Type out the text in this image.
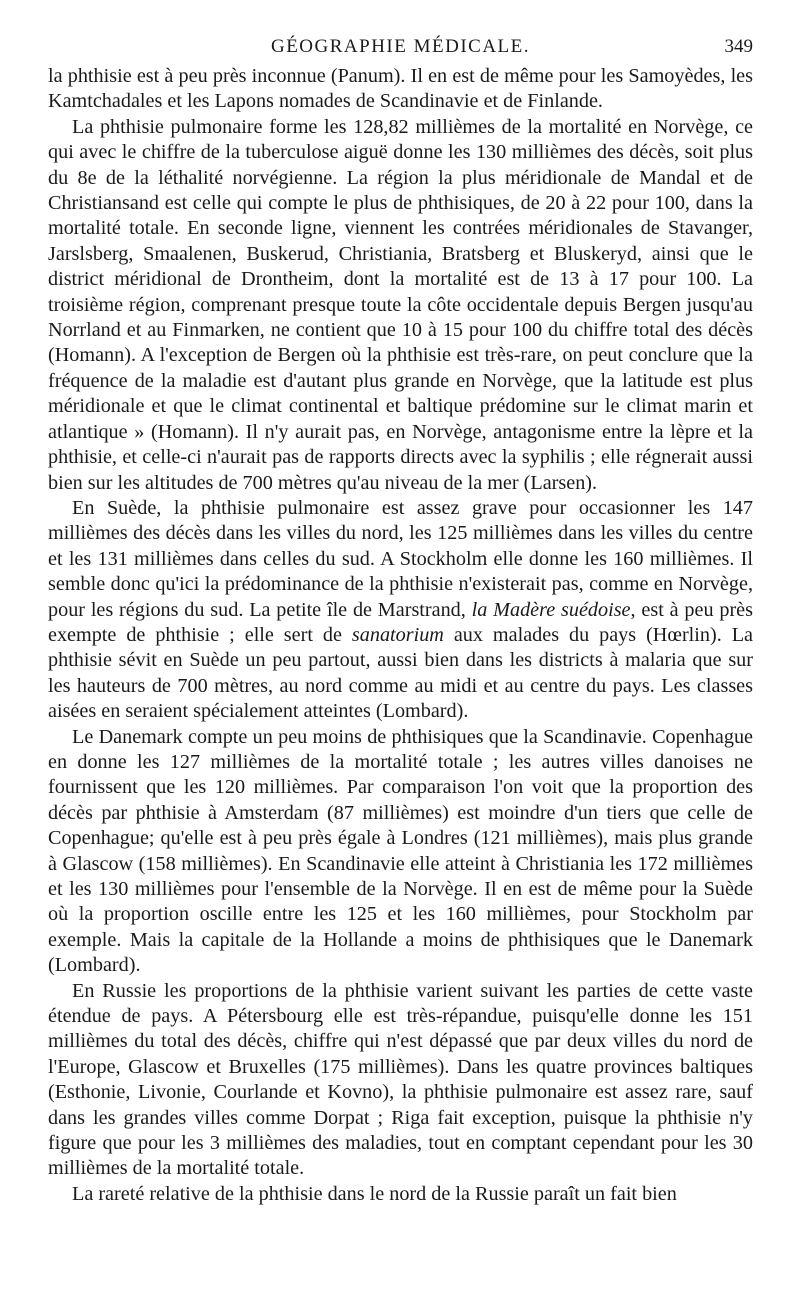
GÉOGRAPHIE MÉDICALE.	349

la phthisie est à peu près inconnue (Panum). Il en est de même pour les Samoyèdes, les Kamtchadales et les Lapons nomades de Scandinavie et de Finlande.

La phthisie pulmonaire forme les 128,82 millièmes de la mortalité en Norvège, ce qui avec le chiffre de la tuberculose aiguë donne les 130 millièmes des décès, soit plus du 8e de la léthalité norvégienne. La région la plus méridionale de Mandal et de Christiansand est celle qui compte le plus de phthisiques, de 20 à 22 pour 100, dans la mortalité totale. En seconde ligne, viennent les contrées méridionales de Stavanger, Jarslsberg, Smaalenen, Buskerud, Christiania, Bratsberg et Bluskeryd, ainsi que le district méridional de Drontheim, dont la mortalité est de 13 à 17 pour 100. La troisième région, comprenant presque toute la côte occidentale depuis Bergen jusqu'au Norrland et au Finmarken, ne contient que 10 à 15 pour 100 du chiffre total des décès (Homann). A l'exception de Bergen où la phthisie est très-rare, on peut conclure que la fréquence de la maladie est d'autant plus grande en Norvège, que la latitude est plus méridionale et que le climat continental et baltique prédomine sur le climat marin et atlantique » (Homann). Il n'y aurait pas, en Norvège, antagonisme entre la lèpre et la phthisie, et celle-ci n'aurait pas de rapports directs avec la syphilis ; elle régnerait aussi bien sur les altitudes de 700 mètres qu'au niveau de la mer (Larsen).

En Suède, la phthisie pulmonaire est assez grave pour occasionner les 147 millièmes des décès dans les villes du nord, les 125 millièmes dans les villes du centre et les 131 millièmes dans celles du sud. A Stockholm elle donne les 160 millièmes. Il semble donc qu'ici la prédominance de la phthisie n'existerait pas, comme en Norvège, pour les régions du sud. La petite île de Marstrand, la Madère suédoise, est à peu près exempte de phthisie ; elle sert de sanatorium aux malades du pays (Hœrlin). La phthisie sévit en Suède un peu partout, aussi bien dans les districts à malaria que sur les hauteurs de 700 mètres, au nord comme au midi et au centre du pays. Les classes aisées en seraient spécialement atteintes (Lombard).

Le Danemark compte un peu moins de phthisiques que la Scandinavie. Copenhague en donne les 127 millièmes de la mortalité totale ; les autres villes danoises ne fournissent que les 120 millièmes. Par comparaison l'on voit que la proportion des décès par phthisie à Amsterdam (87 millièmes) est moindre d'un tiers que celle de Copenhague; qu'elle est à peu près égale à Londres (121 millièmes), mais plus grande à Glascow (158 millièmes). En Scandinavie elle atteint à Christiania les 172 millièmes et les 130 millièmes pour l'ensemble de la Norvège. Il en est de même pour la Suède où la proportion oscille entre les 125 et les 160 millièmes, pour Stockholm par exemple. Mais la capitale de la Hollande a moins de phthisiques que le Danemark (Lombard).

En Russie les proportions de la phthisie varient suivant les parties de cette vaste étendue de pays. A Pétersbourg elle est très-répandue, puisqu'elle donne les 151 millièmes du total des décès, chiffre qui n'est dépassé que par deux villes du nord de l'Europe, Glascow et Bruxelles (175 millièmes). Dans les quatre provinces baltiques (Esthonie, Livonie, Courlande et Kovno), la phthisie pulmonaire est assez rare, sauf dans les grandes villes comme Dorpat ; Riga fait exception, puisque la phthisie n'y figure que pour les 3 millièmes des maladies, tout en comptant cependant pour les 30 millièmes de la mortalité totale.

La rareté relative de la phthisie dans le nord de la Russie paraît un fait bien
